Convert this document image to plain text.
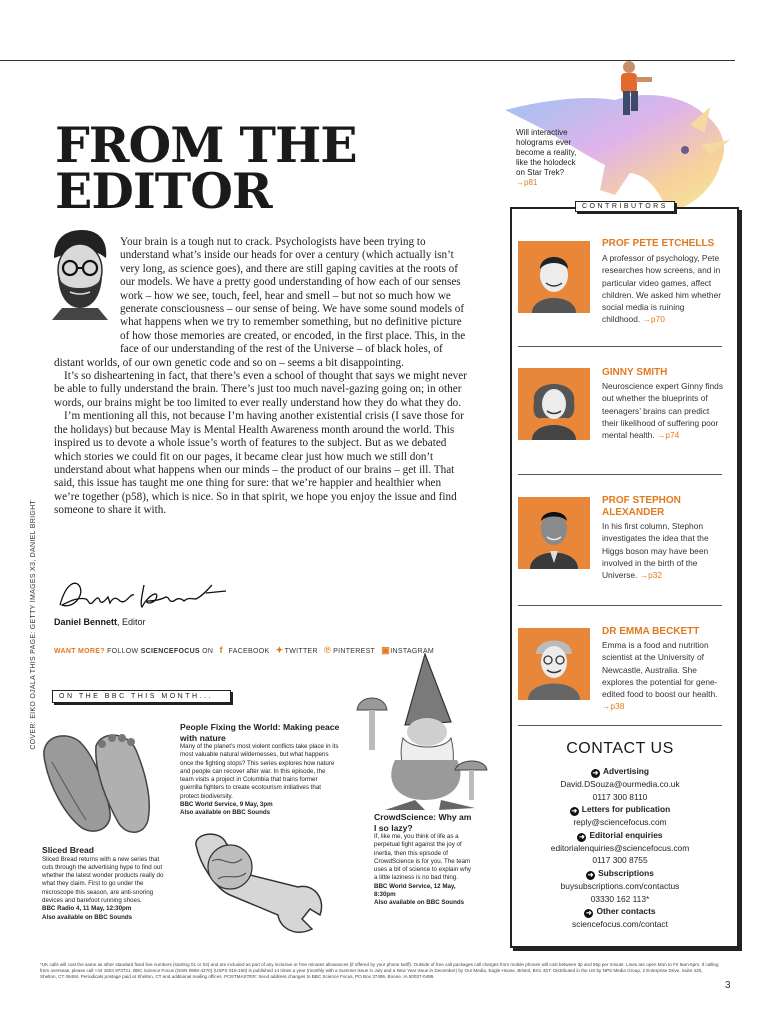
FROM THE
EDITOR
COVER: EIKO OJALA THIS PAGE: GETTY IMAGES X3, DANIEL BRIGHT
Will interactive holograms ever become a reality, like the holodeck on Star Trek? →p81

Your brain is a tough nut to crack. Psychologists have been trying to understand what’s inside our heads for over a century (which actually isn’t very long, as science goes), and there are still gaping cavities at the roots of our models. We have a pretty good understanding of how each of our senses work – how we see, touch, feel, hear and smell – but not so much how we generate consciousness – our sense of being. We have some sound models of what happens when we try to remember something, but no definitive picture of how those memories are created, or encoded, in the first place. This, in the face of our understanding of the rest of the Universe – of black holes, of distant worlds, of our own genetic code and so on – seems a bit disappointing.

It’s so disheartening in fact, that there’s even a school of thought that says we might never be able to fully understand the brain. There’s just too much navel-gazing going on; in other words, our brains might be too limited to ever really understand how they do what they do.

I’m mentioning all this, not because I’m having another existential crisis (I save those for the holidays) but because May is Mental Health Awareness month around the world. This inspired us to devote a whole issue’s worth of features to the subject. But as we debated which stories we could fit on our pages, it became clear just how much we still don’t understand about what happens when our minds – the product of our brains – get ill. That said, this issue has taught me one thing for sure: that we’re happier and healthier when we’re together (p58), which is nice. So in that spirit, we hope you enjoy the issue and find someone to share it with.

Daniel Bennett, Editor
WANT MORE? FOLLOW SCIENCEFOCUS ON f FACEBOOK ✦TWITTER ℗ PINTEREST ▣INSTAGRAM
CONTRIBUTORS
PROF PETE ETCHELLS
A professor of psychology, Pete researches how screens, and in particular video games, affect children. We asked him whether social media is ruining childhood. →p70
GINNY SMITH
Neuroscience expert Ginny finds out whether the blueprints of teenagers’ brains can predict their likelihood of suffering poor mental health. →p74
PROF STEPHON ALEXANDER
In his first column, Stephon investigates the idea that the Higgs boson may have been involved in the birth of the Universe. →p32
DR EMMA BECKETT
Emma is a food and nutrition scientist at the University of Newcastle, Australia. She explores the potential for gene-edited food to boost our health. →p38
CONTACT US
➜ Advertising
David.DSouza@ourmedia.co.uk
0117 300 8110
➜ Letters for publication
reply@sciencefocus.com
➜ Editorial enquiries
editorialenquiries@sciencefocus.com
0117 300 8755
➜ Subscriptions
buysubscriptions.com/contactus
03330 162 113*
➜ Other contacts
sciencefocus.com/contact
ON THE BBC THIS MONTH...
People Fixing the World: Making peace with nature
Many of the planet’s most violent conflicts take place in its most valuable natural wildernesses, but what happens once the fighting stops? This series explores how nature and people can recover after war. In this episode, the team visits a project in Columbia that trains former guerrilla fighters to create ecotourism initiatives that protect biodiversity.
BBC World Service, 9 May, 3pm
Also available on BBC Sounds
Sliced Bread
Sliced Bread returns with a new series that cuts through the advertising hype to find out whether the latest wonder products really do what they claim. First to go under the microscope this season, are anti-snoring devices and barefoot running shoes.
BBC Radio 4, 11 May, 12:30pm
Also available on BBC Sounds
CrowdScience: Why am I so lazy?
If, like me, you think of life as a perpetual fight against the joy of inertia, then this episode of CrowdScience is for you. The team uses a bit of science to explain why a little laziness is no bad thing.
BBC World Service, 12 May, 8:30pm
Also available on BBC Sounds
*UK calls will cost the same as other standard fixed line numbers (starting 01 or 02) and are included as part of any inclusive or free minutes allowances (if offered by your phone tariff). Outside of free call packages call charges from mobile phones will cost between 3p and 55p per minute. Lines are open Mon to Fri 9am-5pm. If calling from overseas, please call +44 1604 973721. BBC Science Focus (ISSN 0966-4270) (USPS 015-160) is published 14 times a year (monthly with a Summer issue in July and a New Year issue in December) by Our Media, Eagle House, Bristol, BS1 4ST. Distributed in the US by NPS Media Group, 2 Enterprise Drive, Suite 420, Shelton, CT 06484. Periodicals postage paid at Shelton, CT and additional mailing offices. POSTMASTER: Send address changes to BBC Science Focus, PO Box 37495, Boone, IA 50037-0495.
3
